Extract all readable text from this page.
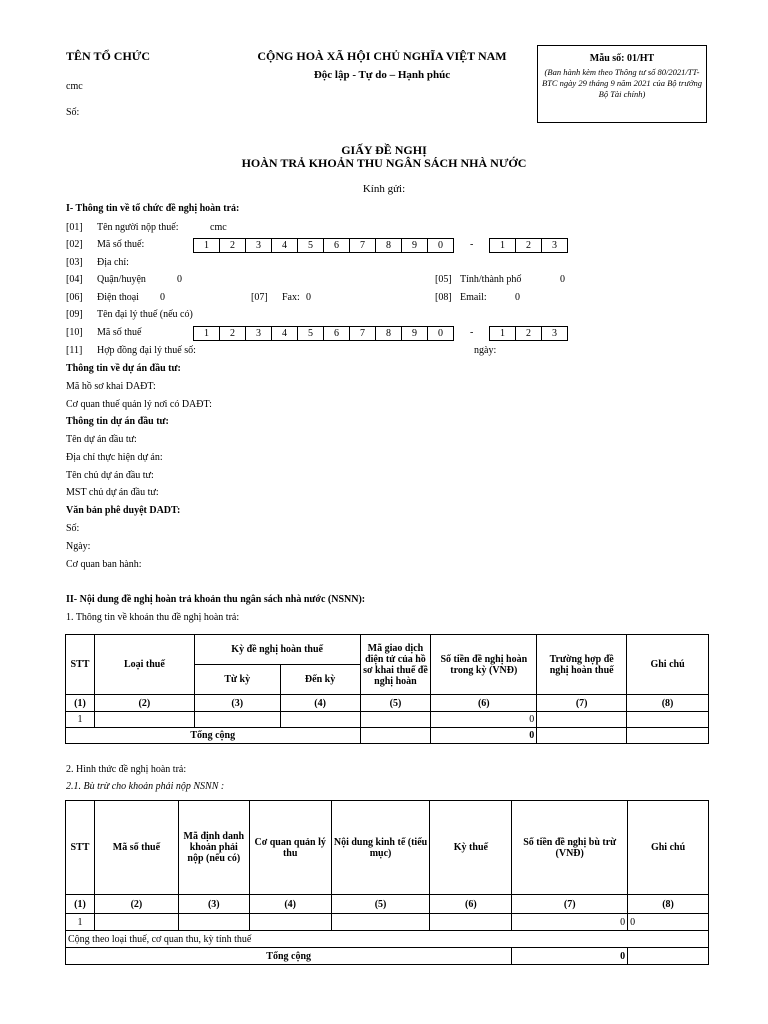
TÊN TỔ CHỨC
cmc
Số:
CỘNG HOÀ XÃ HỘI CHỦ NGHĨA VIỆT NAM
Độc lập - Tự do – Hạnh phúc
Mẫu số: 01/HT
(Ban hành kèm theo Thông tư số 80/2021/TT-BTC ngày 29 tháng 9 năm 2021 của Bộ trưởng Bộ Tài chính)
GIẤY ĐỀ NGHỊ
HOÀN TRẢ KHOẢN THU NGÂN SÁCH NHÀ NƯỚC
Kính gửi:
I- Thông tin về tổ chức đề nghị hoàn trả:
[01] Tên người nộp thuế:	cmc
[02] Mã số thuế:	1	2	3	4	5	6	7	8	9	0	-	1	2	3
[03] Địa chỉ:
[04] Quận/huyện	0	[05] Tỉnh/thành phố	0
[06] Điện thoại 0	[07] Fax: 0	[08] Email:	0
[09] Tên đại lý thuế (nếu có)
[10] Mã số thuế	1	2	3	4	5	6	7	8	9	0	-	1	2	3
[11] Hợp đồng đại lý thuế số:	ngày:
Thông tin về dự án đầu tư:
Mã hồ sơ khai DAĐT:
Cơ quan thuế quản lý nơi có DAĐT:
Thông tin dự án đầu tư:
Tên dự án đầu tư:
Địa chỉ thực hiện dự án:
Tên chủ dự án đầu tư:
MST chủ dự án đầu tư:
Văn bản phê duyệt DADT:
Số:
Ngày:
Cơ quan ban hành:
II- Nội dung đề nghị hoàn trả khoản thu ngân sách nhà nước (NSNN):
1. Thông tin về khoản thu đề nghị hoàn trả:
STT	Loại thuế	Kỳ đề nghị hoàn thuế		Mã giao dịch điện tử của hồ sơ khai thuế đề nghị hoàn	Số tiền đề nghị hoàn trong kỳ (VNĐ)	Trường hợp đề nghị hoàn thuế	Ghi chú
		Từ kỳ	Đến kỳ				
(1)	(2)	(3)	(4)	(5)	(6)	(7)	(8)
1					0		
Tổng cộng					0		
2. Hình thức đề nghị hoàn trả:
2.1. Bù trừ cho khoản phải nộp NSNN :
STT	Mã số thuế	Mã định danh khoản phải nộp (nếu có)	Cơ quan quản lý thu	Nội dung kinh tế (tiểu mục)	Kỳ thuế	Số tiền đề nghị bù trừ (VNĐ)	Ghi chú
(1)	(2)	(3)	(4)	(5)	(6)	(7)	(8)
1						0	0
Cộng theo loại thuế, cơ quan thu, kỳ tính thuế							
Tổng cộng						0	
